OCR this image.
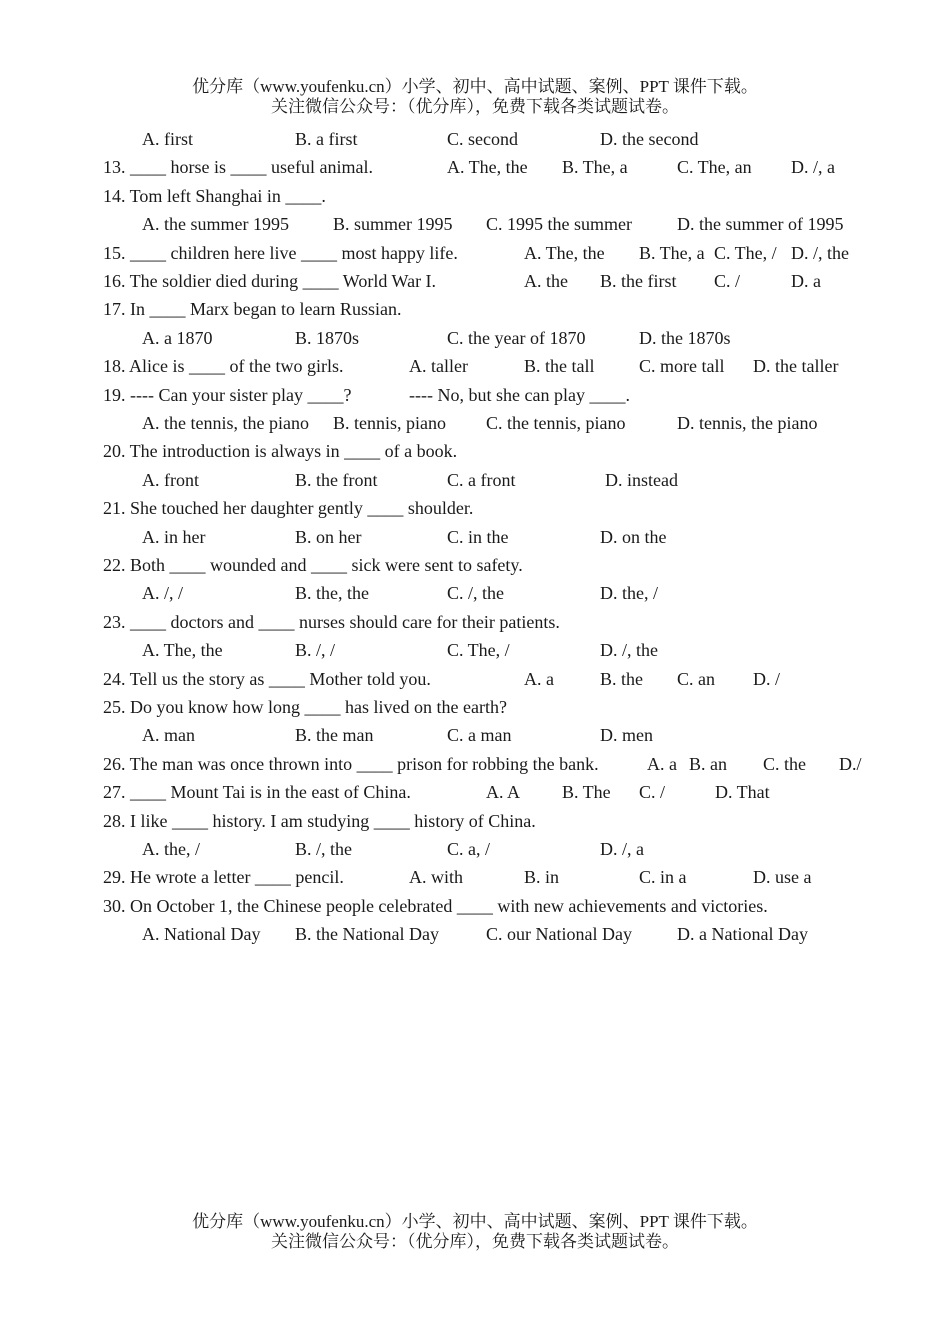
优分库（www.youfenku.cn）小学、初中、高中试题、案例、PPT 课件下载。
关注微信公众号：（优分库），免费下载各类试题试卷。
A. first	B. a first	C. second	D. the second
13. ____ horse is ____ useful animal.	A. The, the B. The, a	C. The, an D. /, a
14. Tom left Shanghai in ____.
A. the summer 1995 B. summer 1995 C. 1995 the summer	D. the summer of 1995
15. ____ children here live ____ most happy life.	A. The, the B. The, a C. The, / D. /, the
16. The soldier died during ____ World War I.	A. the B. the first C. /	D. a
17. In ____ Marx began to learn Russian.
A. a 1870	B. 1870s	C. the year of 1870	D. the 1870s
18. Alice is ____ of the two girls.	A. taller	B. the tall C. more tall D. the taller
19. ---- Can your sister play ____?	---- No, but she can play ____.
A. the tennis, the piano B. tennis, piano C. the tennis, piano	D. tennis, the piano
20. The introduction is always in ____ of a book.
A. front	B. the front	C. a front	D. instead
21. She touched her daughter gently ____ shoulder.
A. in her	B. on her	C. in the	D. on the
22. Both ____ wounded and ____ sick were sent to safety.
A. /, /	B. the, the	C. /, the	D. the, /
23. ____ doctors and ____ nurses should care for their patients.
A. The, the	B. /, /	C. The, /	D. /, the
24. Tell us the story as ____ Mother told you.	A. a	B. the C. an D. /
25. Do you know how long ____ has lived on the earth?
A. man	B. the man	C. a man	D. men
26. The man was once thrown into ____ prison for robbing the bank.	A. a B. an C. the D./
27. ____ Mount Tai is in the east of China.	A. A B. The C. /	D. That
28. I like ____ history. I am studying ____ history of China.
A. the, /	B. /, the	C. a, /	D. /, a
29. He wrote a letter ____ pencil.	A. with	B. in	C. in a	D. use a
30. On October 1, the Chinese people celebrated ____ with new achievements and victories.
A. National Day B. the National Day	C. our National Day	D. a National Day
优分库（www.youfenku.cn）小学、初中、高中试题、案例、PPT 课件下载。
关注微信公众号：（优分库），免费下载各类试题试卷。
